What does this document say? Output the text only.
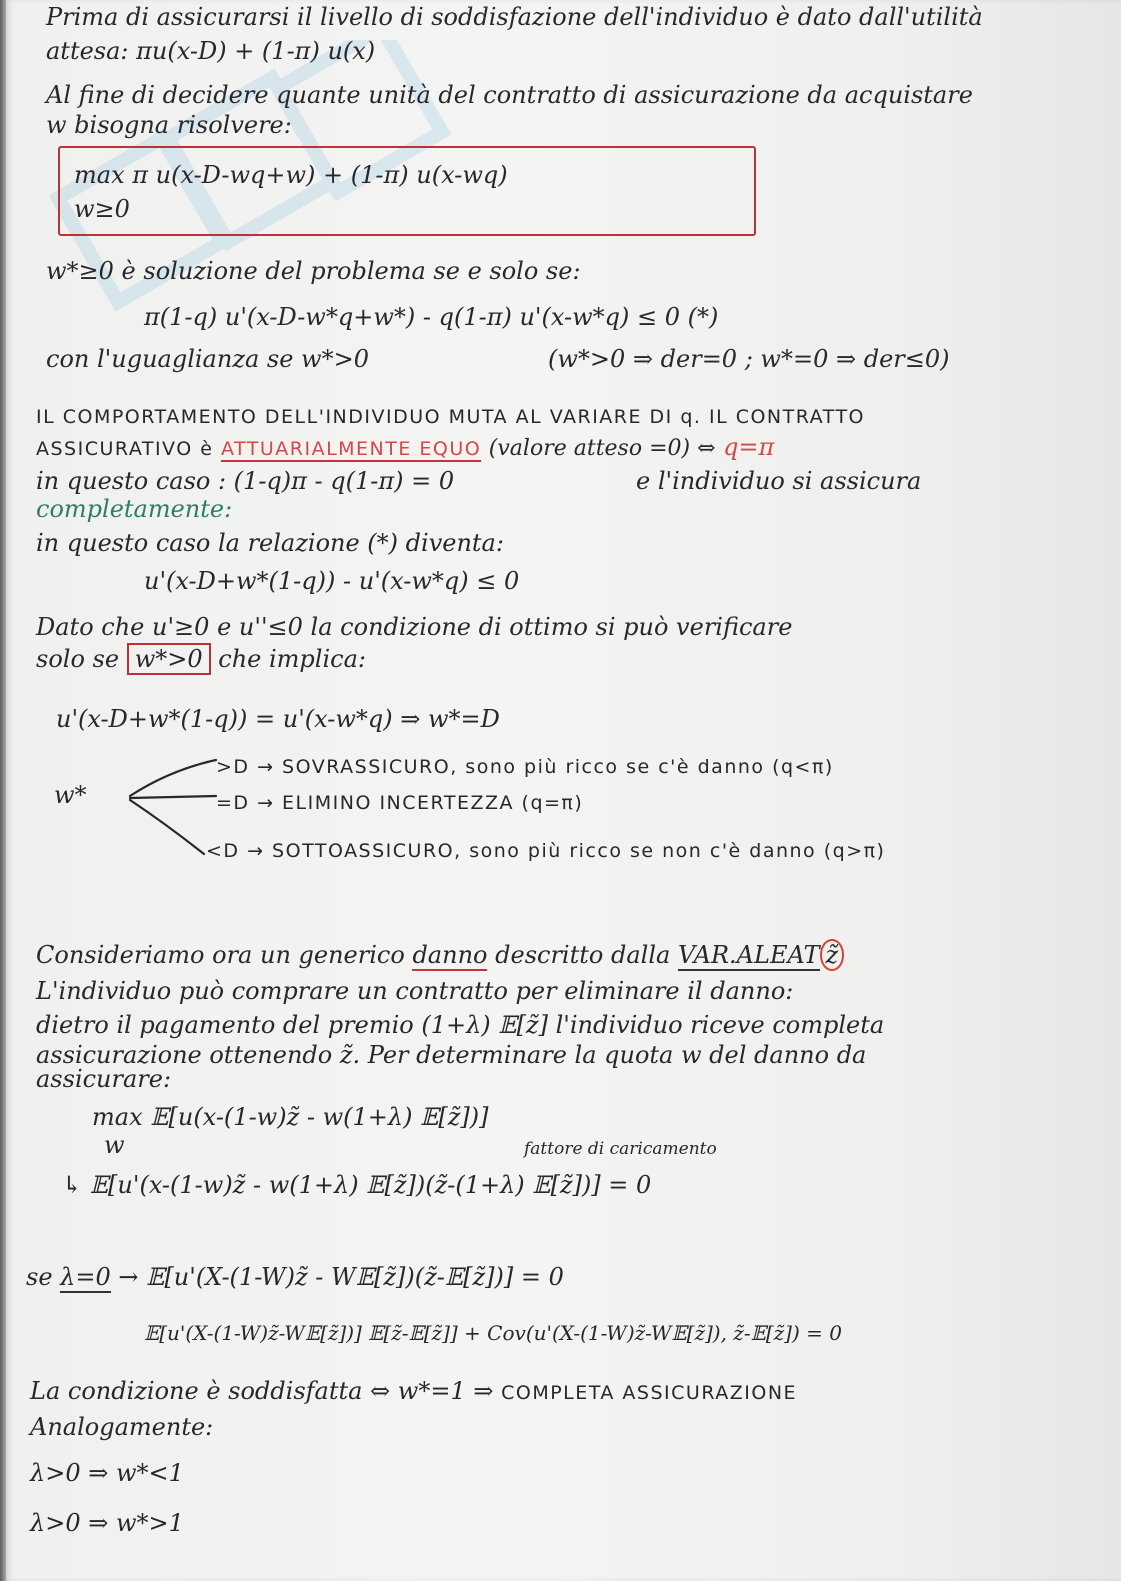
Prima di assicurarsi il livello di soddisfazione dell'individuo è dato dall'utilità
attesa: πu(x-D) + (1-π) u(x)
Al fine di decidere quante unità del contratto di assicurazione da acquistare
w bisogna risolvere:
max π u(x-D-wq+w) + (1-π) u(x-wq)
w≥0
w*≥0 è soluzione del problema se e solo se:
π(1-q) u'(x-D-w*q+w*) - q(1-π) u'(x-w*q) ≤ 0 (*)
con l'uguaglianza se w*>0	(w*>0 ⇒ der=0 ; w*=0 ⇒ der≤0)
IL COMPORTAMENTO DELL'INDIVIDUO MUTA AL VARIARE DI q. IL CONTRATTO
ASSICURATIVO è ATTUARIALMENTE EQUO (valore atteso =0) ⇔ q=π
in questo caso : (1-q)π - q(1-π) = 0	e l'individuo si assicura
completamente:
in questo caso la relazione (*) diventa:
u'(x-D+w*(1-q)) - u'(x-w*q) ≤ 0
Dato che u'≥0 e u''≤0 la condizione di ottimo si può verificare
solo se w*>0 che implica:
u'(x-D+w*(1-q)) = u'(x-w*q) ⇒ w*=D
w*
>D → SOVRASSICURO, sono più ricco se c'è danno (q<π)
=D → ELIMINO INCERTEZZA (q=π)
<D → SOTTOASSICURO, sono più ricco se non c'è danno (q>π)
Consideriamo ora un generico danno descritto dalla VAR.ALEAT z̃
L'individuo può comprare un contratto per eliminare il danno:
dietro il pagamento del premio (1+λ) 𝔼[z̃] l'individuo riceve completa
assicurazione ottenendo z̃. Per determinare la quota w del danno da
assicurare:
max 𝔼[u(x-(1-w)z̃ - w(1+λ) 𝔼[z̃])]
w	fattore di caricamento
↳ 𝔼[u'(x-(1-w)z̃ - w(1+λ) 𝔼[z̃])(z̃-(1+λ) 𝔼[z̃])] = 0
se λ=0 → 𝔼[u'(X-(1-W)z̃ - W𝔼[z̃])(z̃-𝔼[z̃])] = 0
𝔼[u'(X-(1-W)z̃-W𝔼[z̃])] 𝔼[z̃-𝔼[z̃]] + Cov(u'(X-(1-W)z̃-W𝔼[z̃]), z̃-𝔼[z̃]) = 0
La condizione è soddisfatta ⇔ w*=1 ⇒ COMPLETA ASSICURAZIONE
Analogamente:
λ>0 ⇒ w*<1
λ>0 ⇒ w*>1
